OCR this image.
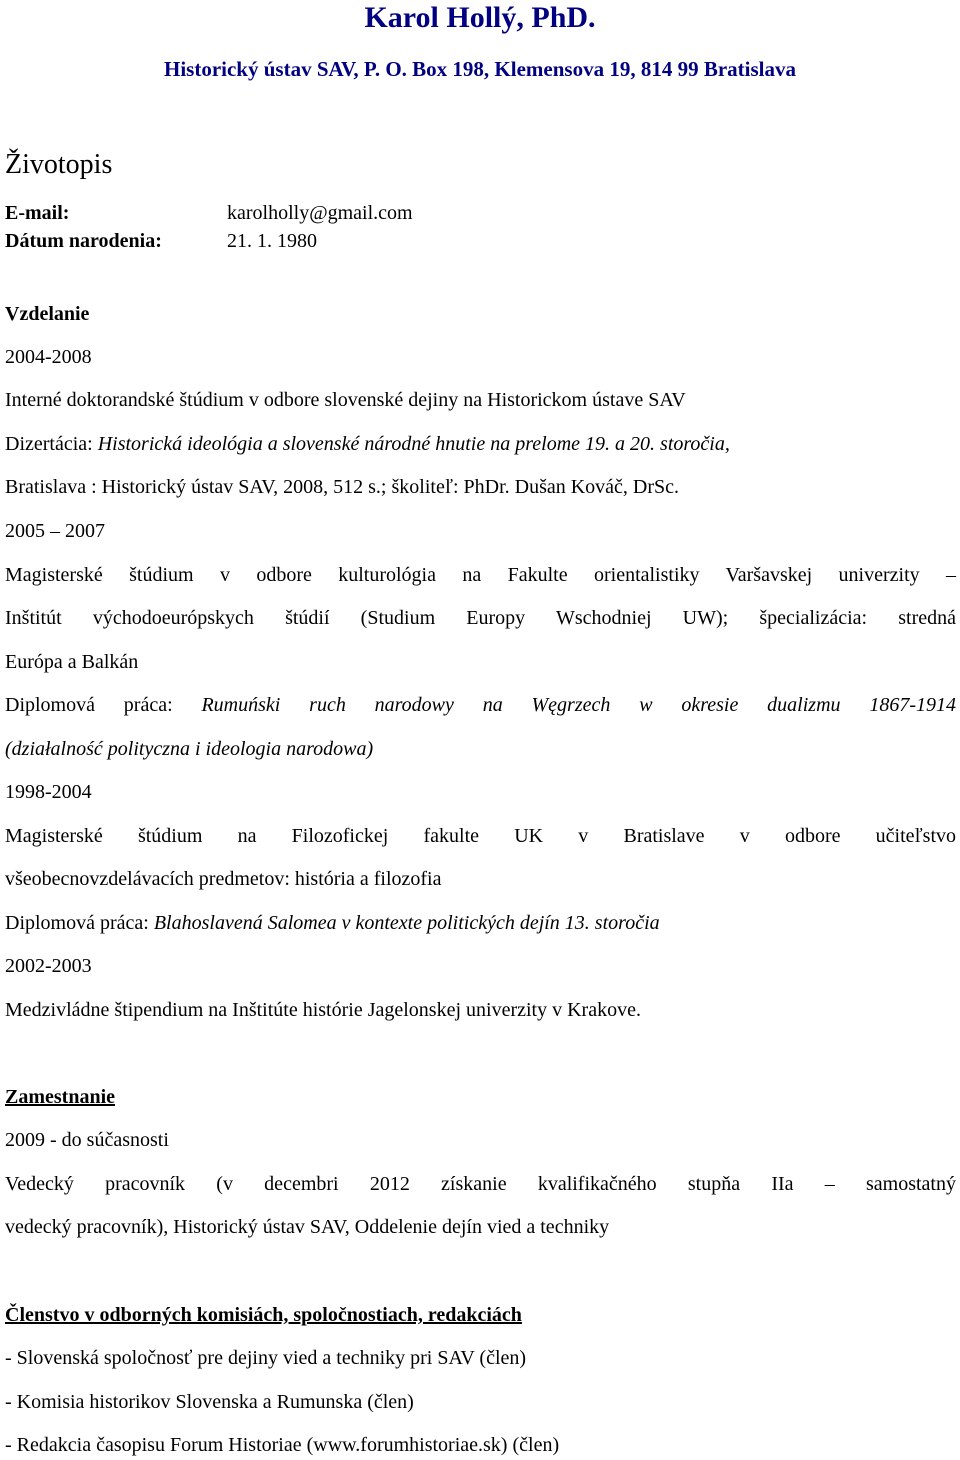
Karol Hollý, PhD.
Historický ústav SAV, P. O. Box 198, Klemensova 19, 814 99 Bratislava
Životopis
E-mail:	karolholly@gmail.com
Dátum narodenia:	21. 1. 1980
Vzdelanie
2004-2008
Interné doktorandské štúdium v odbore slovenské dejiny na Historickom ústave SAV
Dizertácia: Historická ideológia a slovenské národné hnutie na prelome 19. a 20. storočia,
Bratislava : Historický ústav SAV, 2008, 512 s.; školiteľ: PhDr. Dušan Kováč, DrSc.
2005 – 2007
Magisterské štúdium v odbore kulturológia na Fakulte orientalistiky Varšavskej univerzity –
Inštitút východoeurópskych štúdií (Studium Europy Wschodniej UW); špecializácia: stredná
Európa a Balkán
Diplomová práca: Rumuński ruch narodowy na Węgrzech w okresie dualizmu 1867-1914
(działalność polityczna i ideologia narodowa)
1998-2004
Magisterské štúdium na Filozofickej fakulte UK v Bratislave v odbore učiteľstvo
všeobecnovzdelávacích predmetov: história a filozofia
Diplomová práca: Blahoslavená Salomea v kontexte politických dejín 13. storočia
2002-2003
Medzivládne štipendium na Inštitúte histórie Jagelonskej univerzity v Krakove.
Zamestnanie
2009 - do súčasnosti
Vedecký pracovník (v decembri 2012 získanie kvalifikačného stupňa IIa – samostatný
vedecký pracovník), Historický ústav SAV, Oddelenie dejín vied a techniky
Členstvo v odborných komisiách, spoločnostiach, redakciách
- Slovenská spoločnosť pre dejiny vied a techniky pri SAV (člen)
- Komisia historikov Slovenska a Rumunska (člen)
- Redakcia časopisu Forum Historiae (www.forumhistoriae.sk) (člen)
